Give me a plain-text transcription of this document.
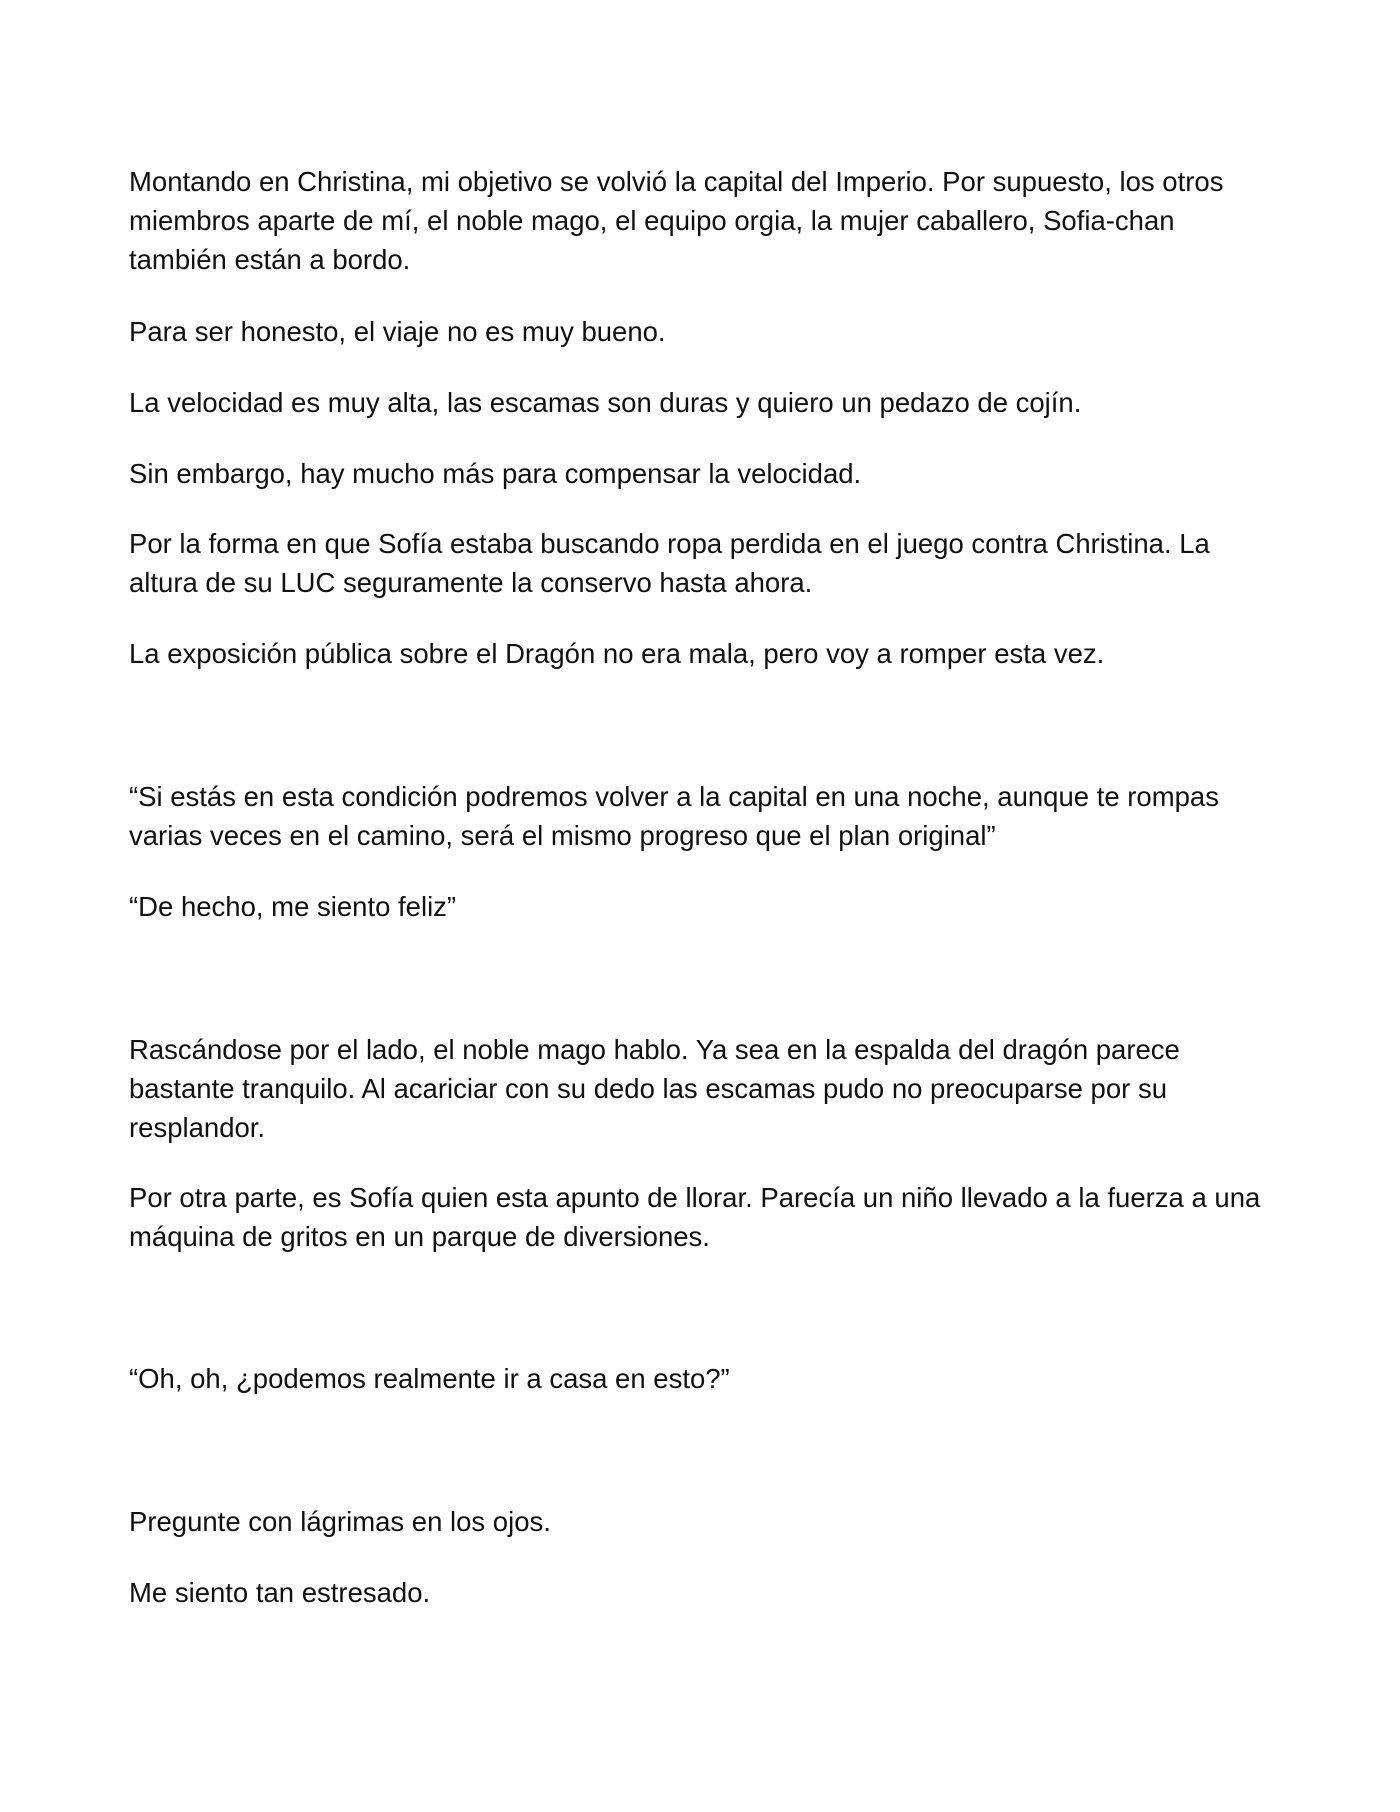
Montando en Christina, mi objetivo se volvió la capital del Imperio. Por supuesto, los otros miembros aparte de mí, el noble mago, el equipo orgia, la mujer caballero, Sofia-chan también están a bordo.

Para ser honesto, el viaje no es muy bueno.

La velocidad es muy alta, las escamas son duras y quiero un pedazo de cojín.

Sin embargo, hay mucho más para compensar la velocidad.

Por la forma en que Sofía estaba buscando ropa perdida en el juego contra Christina. La altura de su LUC seguramente la conservo hasta ahora.

La exposición pública sobre el Dragón no era mala, pero voy a romper esta vez.

“Si estás en esta condición podremos volver a la capital en una noche, aunque te rompas varias veces en el camino, será el mismo progreso que el plan original”

“De hecho, me siento feliz”

Rascándose por el lado, el noble mago hablo. Ya sea en la espalda del dragón parece bastante tranquilo. Al acariciar con su dedo las escamas pudo no preocuparse por su resplandor.

Por otra parte, es Sofía quien esta apunto de llorar. Parecía un niño llevado a la fuerza a una máquina de gritos en un parque de diversiones.

“Oh, oh, ¿podemos realmente ir a casa en esto?”

Pregunte con lágrimas en los ojos.

Me siento tan estresado.
